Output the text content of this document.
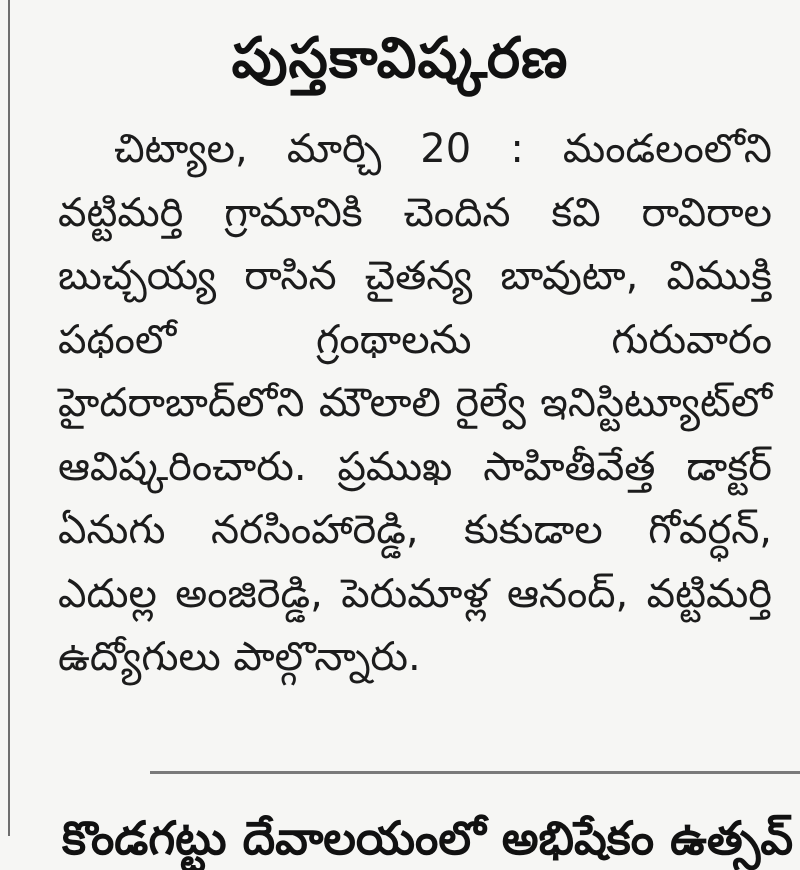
పుస్తకావిష్కరణ

చిట్యాల, మార్చి 20 : మండలంలోని వట్టిమర్తి గ్రామానికి చెందిన కవి రావిరాల బుచ్చయ్య రాసిన చైతన్య బావుటా, విముక్తి పథంలో గ్రంథాలను గురువారం హైదరాబాద్‌లోని మౌలాలి రైల్వే ఇనిస్టిట్యూట్‌లో ఆవిష్కరించారు. ప్రముఖ సాహితీవేత్త డాక్టర్ ఏనుగు నరసింహారెడ్డి, కుకుడాల గోవర్ధన్, ఎదుల్ల అంజిరెడ్డి, పెరుమాళ్ల ఆనంద్, వట్టిమర్తి ఉద్యోగులు పాల్గొన్నారు.

కొండగట్టు దేవాలయంలో అభిషేకం ఉత్సవ్
